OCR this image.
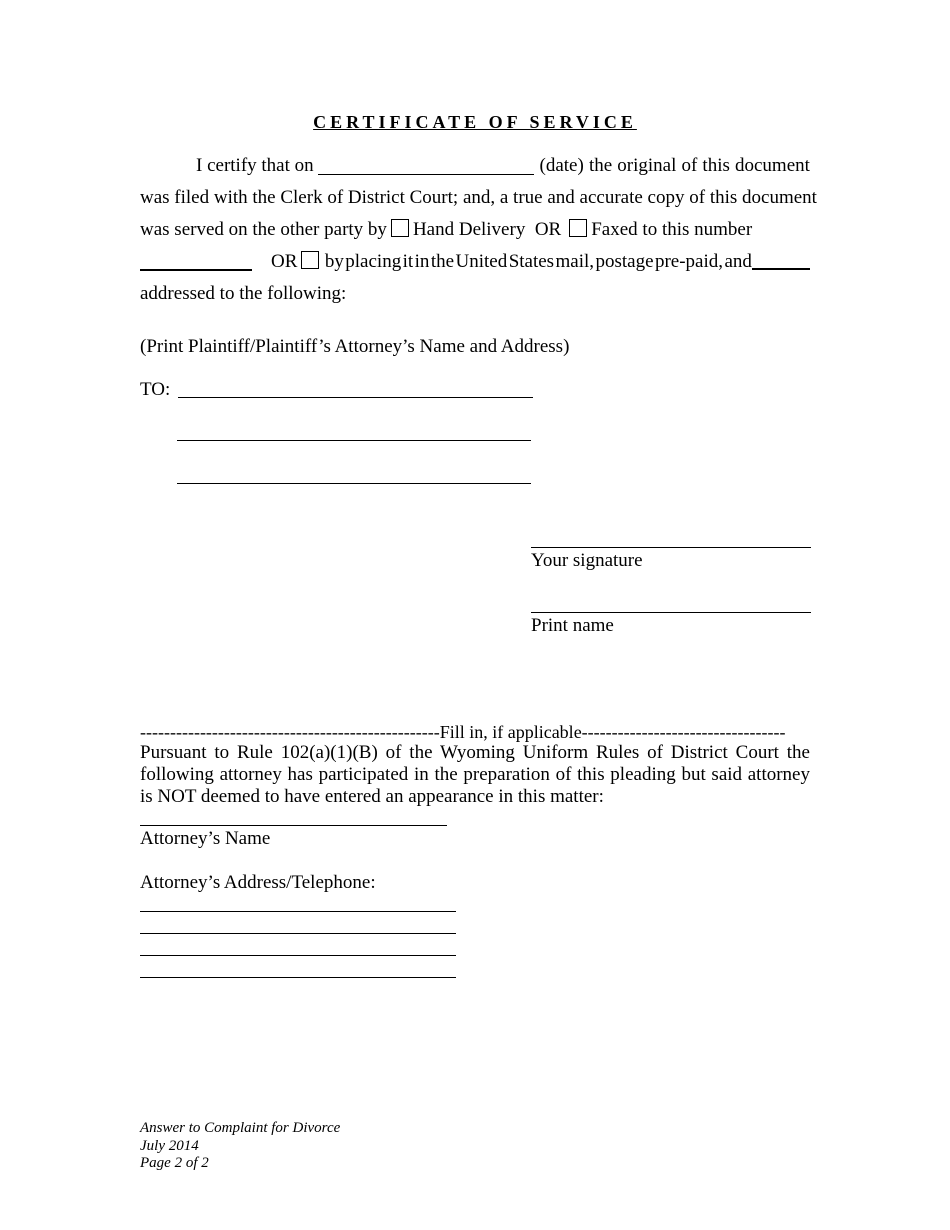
CERTIFICATE OF SERVICE
I certify that on	(date) the original of this document
was filed with the Clerk of District Court; and, a true and accurate copy of this document
was served on the other party by Hand Delivery OR Faxed to this number
OR	by placing it in the United States mail, postage pre-paid, and
addressed to the following:
(Print Plaintiff/Plaintiff’s Attorney’s Name and Address)
TO:
Your signature
Print name
--------------------------------------------------Fill in, if applicable----------------------------------
Pursuant to Rule 102(a)(1)(B) of the Wyoming Uniform Rules of District Court the following attorney has participated in the preparation of this pleading but said attorney is NOT deemed to have entered an appearance in this matter:
Attorney’s Name
Attorney’s Address/Telephone:
Answer to Complaint for Divorce
July 2014
Page 2 of 2
